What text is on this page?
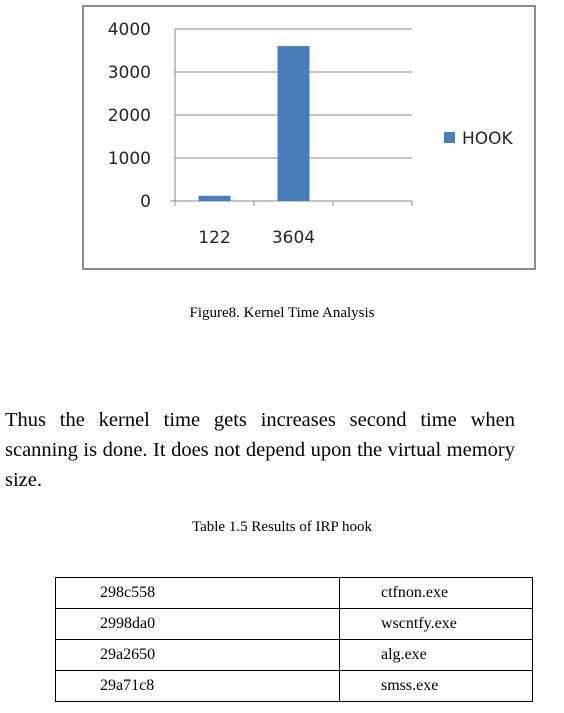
0
1000
2000
3000
4000
122 3604
HOOK
Figure8. Kernel Time Analysis

Thus the kernel time gets increases second time when scanning is done. It does not depend upon the virtual memory size.

Table 1.5 Results of IRP hook
298c558	ctfnon.exe
2998da0	wscntfy.exe
29a2650	alg.exe
29a71c8	smss.exe
